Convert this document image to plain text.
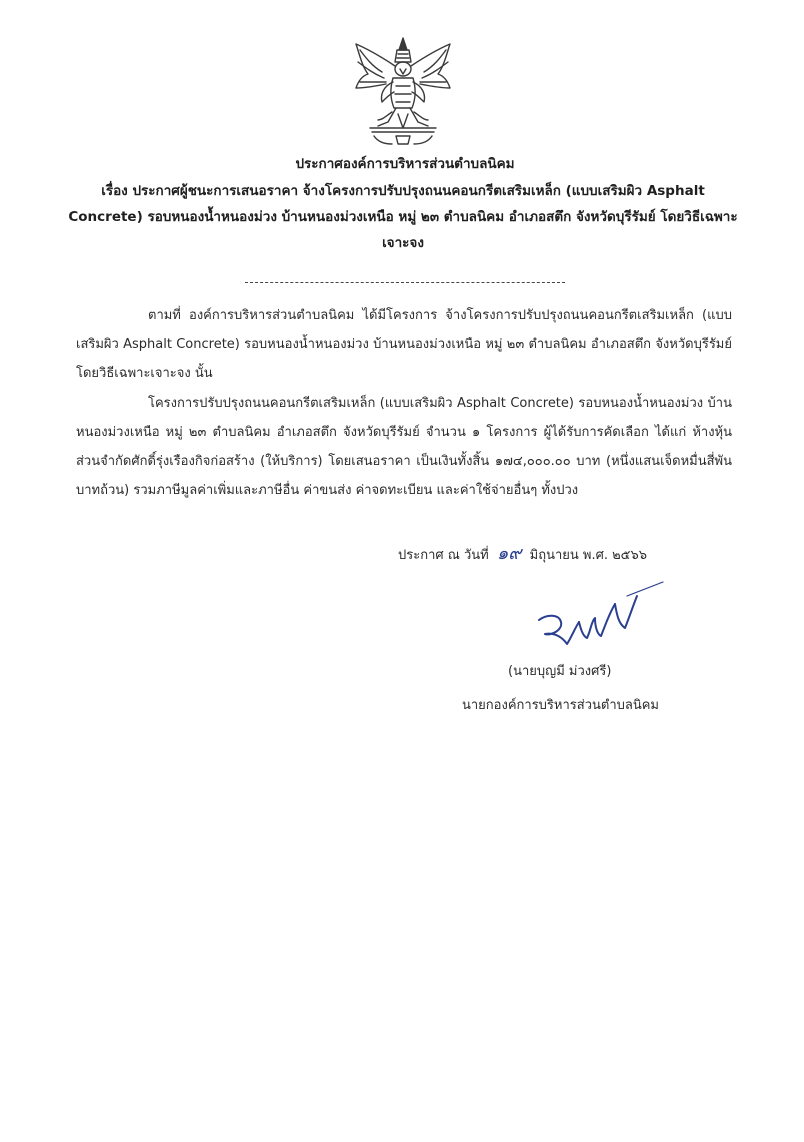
ประกาศองค์การบริหารส่วนตำบลนิคม
เรื่อง ประกาศผู้ชนะการเสนอราคา จ้างโครงการปรับปรุงถนนคอนกรีตเสริมเหล็ก (แบบเสริมผิว Asphalt Concrete) รอบหนองน้ำหนองม่วง บ้านหนองม่วงเหนือ หมู่ ๒๓ ตำบลนิคม อำเภอสตึก จังหวัดบุรีรัมย์ โดยวิธีเฉพาะเจาะจง
ตามที่ องค์การบริหารส่วนตำบลนิคม ได้มีโครงการ จ้างโครงการปรับปรุงถนนคอนกรีตเสริมเหล็ก (แบบเสริมผิว Asphalt Concrete) รอบหนองน้ำหนองม่วง บ้านหนองม่วงเหนือ หมู่ ๒๓ ตำบลนิคม อำเภอสตึก จังหวัดบุรีรัมย์ โดยวิธีเฉพาะเจาะจง นั้น
โครงการปรับปรุงถนนคอนกรีตเสริมเหล็ก (แบบเสริมผิว Asphalt Concrete) รอบหนองน้ำหนองม่วง บ้านหนองม่วงเหนือ หมู่ ๒๓ ตำบลนิคม อำเภอสตึก จังหวัดบุรีรัมย์ จำนวน ๑ โครงการ ผู้ได้รับการคัดเลือก ได้แก่ ห้างหุ้นส่วนจำกัดศักดิ์รุ่งเรืองกิจก่อสร้าง (ให้บริการ) โดยเสนอราคา เป็นเงินทั้งสิ้น ๑๗๔,๐๐๐.๐๐ บาท (หนึ่งแสนเจ็ดหมื่นสี่พันบาทถ้วน) รวมภาษีมูลค่าเพิ่มและภาษีอื่น ค่าขนส่ง ค่าจดทะเบียน และค่าใช้จ่ายอื่นๆ ทั้งปวง
ประกาศ ณ วันที่ ๑๙ มิถุนายน พ.ศ. ๒๕๖๖
(นายบุญมี ม่วงศรี)
นายกองค์การบริหารส่วนตำบลนิคม
